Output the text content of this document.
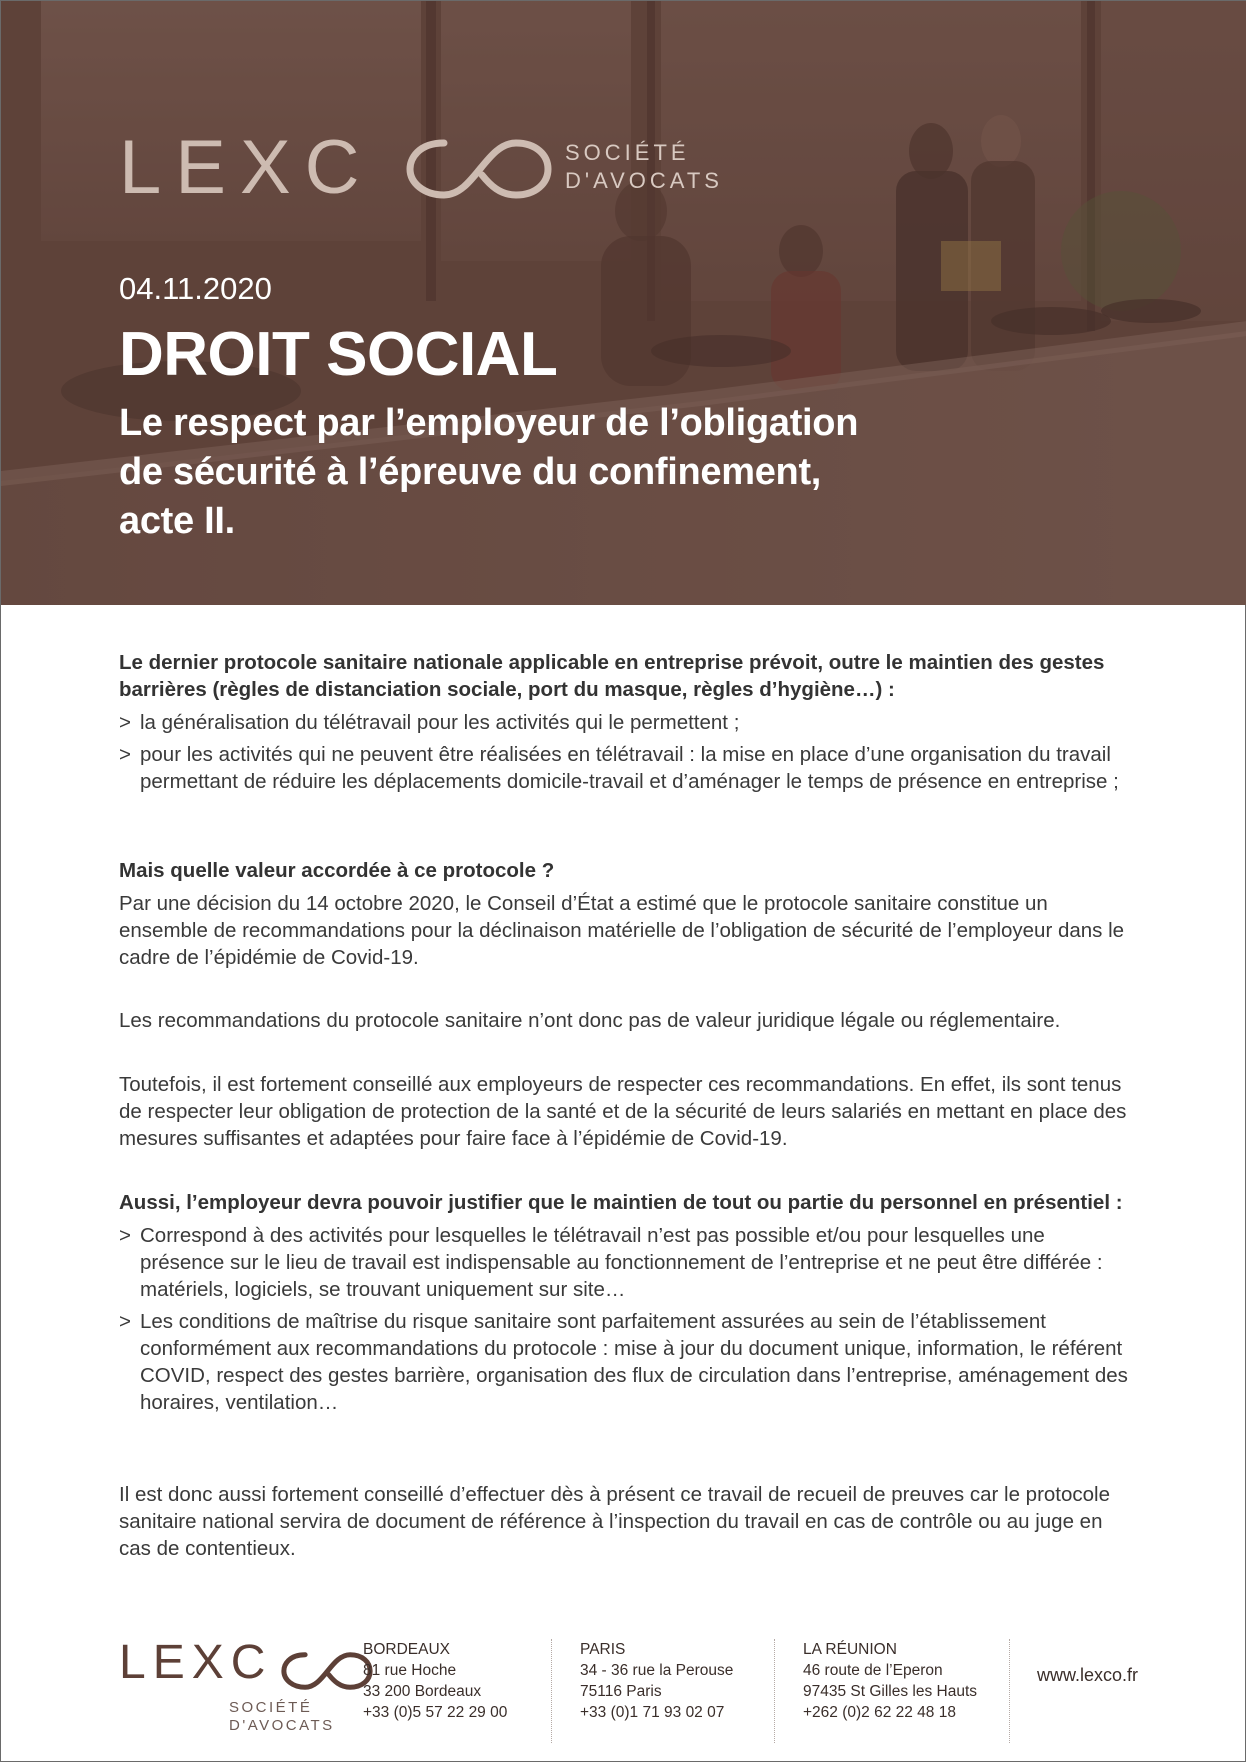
LEXC	SOCIÉTÉ
D'AVOCATS
04.11.2020
DROIT SOCIAL
Le respect par l’employeur de l’obligation
de sécurité à l’épreuve du confinement,
acte II.

Le dernier protocole sanitaire nationale applicable en entreprise prévoit, outre le maintien des gestes barrières (règles de distanciation sociale, port du masque, règles d’hygiène…) :

> la généralisation du télétravail pour les activités qui le permettent ;
> pour les activités qui ne peuvent être réalisées en télétravail : la mise en place d’une organisation du travail permettant de réduire les déplacements domicile-travail et d’aménager le temps de présence en entreprise ;

Mais quelle valeur accordée à ce protocole ?

Par une décision du 14 octobre 2020, le Conseil d’État a estimé que le protocole sanitaire constitue un ensemble de recommandations pour la déclinaison matérielle de l’obligation de sécurité de l’employeur dans le cadre de l’épidémie de Covid-19.

Les recommandations du protocole sanitaire n’ont donc pas de valeur juridique légale ou réglementaire.
Toutefois, il est fortement conseillé aux employeurs de respecter ces recommandations. En effet, ils sont tenus de respecter leur obligation de protection de la santé et de la sécurité de leurs salariés en mettant en place des mesures suffisantes et adaptées pour faire face à l’épidémie de Covid-19.

Aussi, l’employeur devra pouvoir justifier que le maintien de tout ou partie du personnel en présentiel :

> Correspond à des activités pour lesquelles le télétravail n’est pas possible et/ou pour lesquelles une présence sur le lieu de travail est indispensable au fonctionnement de l’entreprise et ne peut être différée : matériels, logiciels, se trouvant uniquement sur site…
> Les conditions de maîtrise du risque sanitaire sont parfaitement assurées au sein de l’établissement conformément aux recommandations du protocole : mise à jour du document unique, information, le référent COVID, respect des gestes barrière, organisation des flux de circulation dans l’entreprise, aménagement des horaires, ventilation…
Il est donc aussi fortement conseillé d’effectuer dès à présent ce travail de recueil de preuves car le protocole sanitaire national servira de document de référence à l’inspection du travail en cas de contrôle ou au juge en cas de contentieux.
LEXC
SOCIÉTÉ
D'AVOCATS
BORDEAUX
81 rue Hoche
33 200 Bordeaux
+33 (0)5 57 22 29 00
PARIS
34 - 36 rue la Perouse
75116 Paris
+33 (0)1 71 93 02 07
LA RÉUNION
46 route de l’Eperon
97435 St Gilles les Hauts
+262 (0)2 62 22 48 18
www.lexco.fr
